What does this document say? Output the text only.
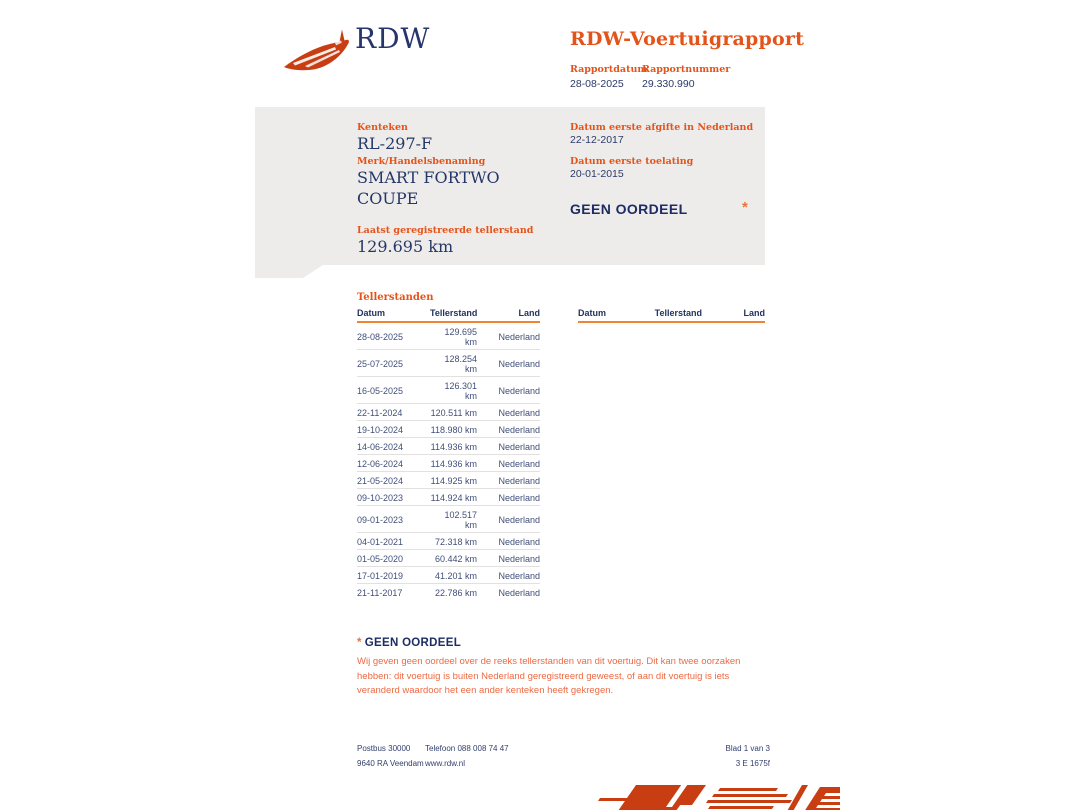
RDW	RDW-Voertuigrapport
Rapportdatum
28-08-2025
Rapportnummer
29.330.990
Kenteken
RL-297-F
Merk/Handelsbenaming
SMART FORTWO
COUPE
Laatst geregistreerde tellerstand
129.695 km
Datum eerste afgifte in Nederland
22-12-2017
Datum eerste toelating
20-01-2015
GEEN OORDEEL	*
Tellerstanden
Datum	Tellerstand	Land
28-08-2025	129.695 km	Nederland
25-07-2025	128.254 km	Nederland
16-05-2025	126.301 km	Nederland
22-11-2024	120.511 km	Nederland
19-10-2024	118.980 km	Nederland
14-06-2024	114.936 km	Nederland
12-06-2024	114.936 km	Nederland
21-05-2024	114.925 km	Nederland
09-10-2023	114.924 km	Nederland
09-01-2023	102.517 km	Nederland
04-01-2021	72.318 km	Nederland
01-05-2020	60.442 km	Nederland
17-01-2019	41.201 km	Nederland
21-11-2017	22.786 km	Nederland
Datum	Tellerstand	Land
* GEEN OORDEEL
Wij geven geen oordeel over de reeks tellerstanden van dit voertuig. Dit kan twee oorzaken hebben: dit voertuig is buiten Nederland geregistreerd geweest, of aan dit voertuig is iets veranderd waardoor het een ander kenteken heeft gekregen.
Postbus 30000
9640 RA Veendam
Telefoon 088 008 74 47
www.rdw.nl
Blad 1 van 3
3 E 1675f
